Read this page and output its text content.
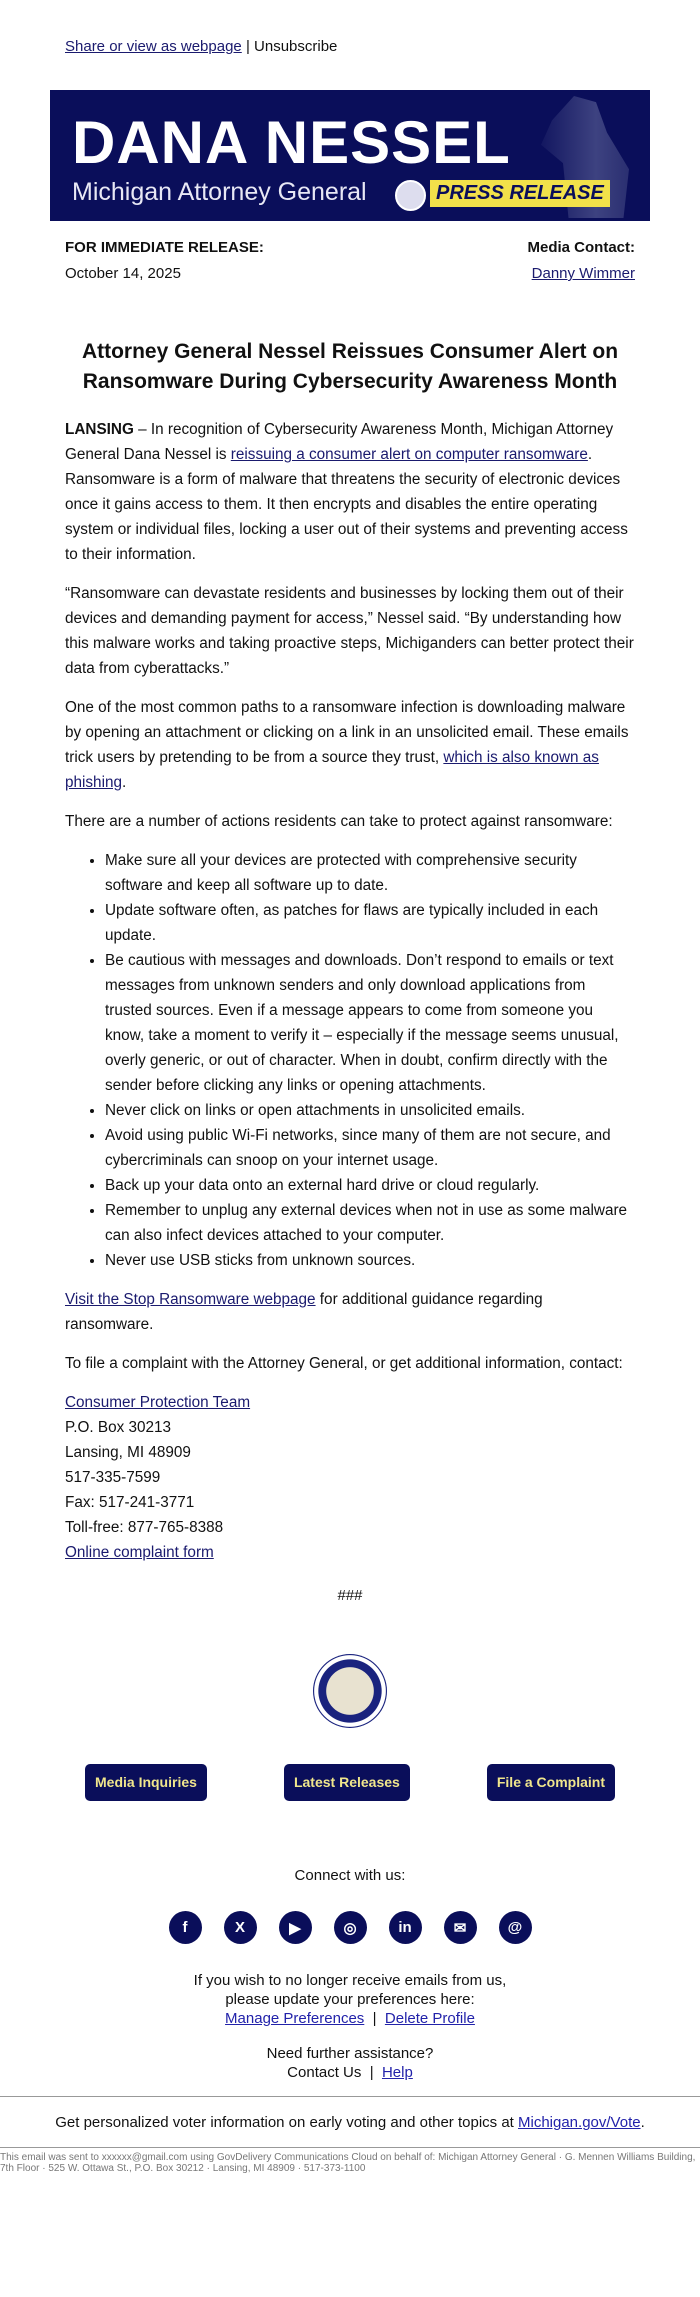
Share or view as webpage | Unsubscribe
DANA NESSEL
Michigan Attorney General	PRESS RELEASE
FOR IMMEDIATE RELEASE:
October 14, 2025
Media Contact:
Danny Wimmer
Attorney General Nessel Reissues Consumer Alert on Ransomware During Cybersecurity Awareness Month

LANSING – In recognition of Cybersecurity Awareness Month, Michigan Attorney General Dana Nessel is reissuing a consumer alert on computer ransomware. Ransomware is a form of malware that threatens the security of electronic devices once it gains access to them. It then encrypts and disables the entire operating system or individual files, locking a user out of their systems and preventing access to their information.

“Ransomware can devastate residents and businesses by locking them out of their devices and demanding payment for access,” Nessel said. “By understanding how this malware works and taking proactive steps, Michiganders can better protect their data from cyberattacks.”

One of the most common paths to a ransomware infection is downloading malware by opening an attachment or clicking on a link in an unsolicited email. These emails trick users by pretending to be from a source they trust, which is also known as phishing.

There are a number of actions residents can take to protect against ransomware:

• Make sure all your devices are protected with comprehensive security software and keep all software up to date.
• Update software often, as patches for flaws are typically included in each update.
• Be cautious with messages and downloads. Don’t respond to emails or text messages from unknown senders and only download applications from trusted sources. Even if a message appears to come from someone you know, take a moment to verify it – especially if the message seems unusual, overly generic, or out of character. When in doubt, confirm directly with the sender before clicking any links or opening attachments.
• Never click on links or open attachments in unsolicited emails.
• Avoid using public Wi-Fi networks, since many of them are not secure, and cybercriminals can snoop on your internet usage.
• Back up your data onto an external hard drive or cloud regularly.
• Remember to unplug any external devices when not in use as some malware can also infect devices attached to your computer.
• Never use USB sticks from unknown sources.

Visit the Stop Ransomware webpage for additional guidance regarding ransomware.

To file a complaint with the Attorney General, or get additional information, contact:

Consumer Protection Team

P.O. Box 30213

Lansing, MI 48909

517-335-7599

Fax: 517-241-3771

Toll-free: 877-765-8388

Online complaint form

###
Media Inquiries	Latest Releases	File a Complaint
Connect with us:
f	X	▶	◎	in	✉	@
If you wish to no longer receive emails from us,
please update your preferences here:
Manage Preferences | Delete Profile
Need further assistance?
Contact Us | Help
Get personalized voter information on early voting and other topics at Michigan.gov/Vote.
This email was sent to xxxxxx@gmail.com using GovDelivery Communications Cloud on behalf of: Michigan Attorney General · G. Mennen Williams Building, 7th Floor · 525 W. Ottawa St., P.O. Box 30212 · Lansing, MI 48909 · 517-373-1100
